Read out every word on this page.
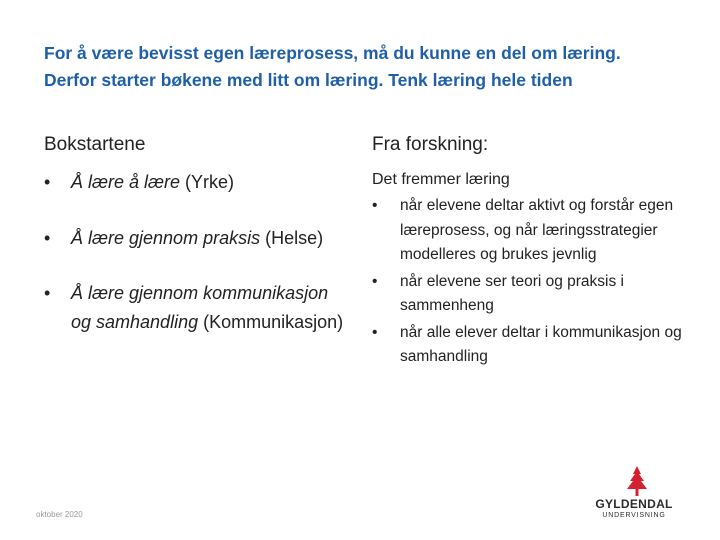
For å være bevisst egen læreprosess, må du kunne en del om læring.
Derfor starter bøkene med litt om læring. Tenk læring hele tiden
Bokstartene
• Å lære å lære (Yrke)
• Å lære gjennom praksis (Helse)
• Å lære gjennom kommunikasjon og samhandling (Kommunikasjon)
Fra forskning:
Det fremmer læring
• når elevene deltar aktivt og forstår egen læreprosess, og når læringsstrategier modelleres og brukes jevnlig
• når elevene ser teori og praksis i sammenheng
• når alle elever deltar i kommunikasjon og samhandling
oktober 2020
GYLDENDAL
UNDERVISNING
